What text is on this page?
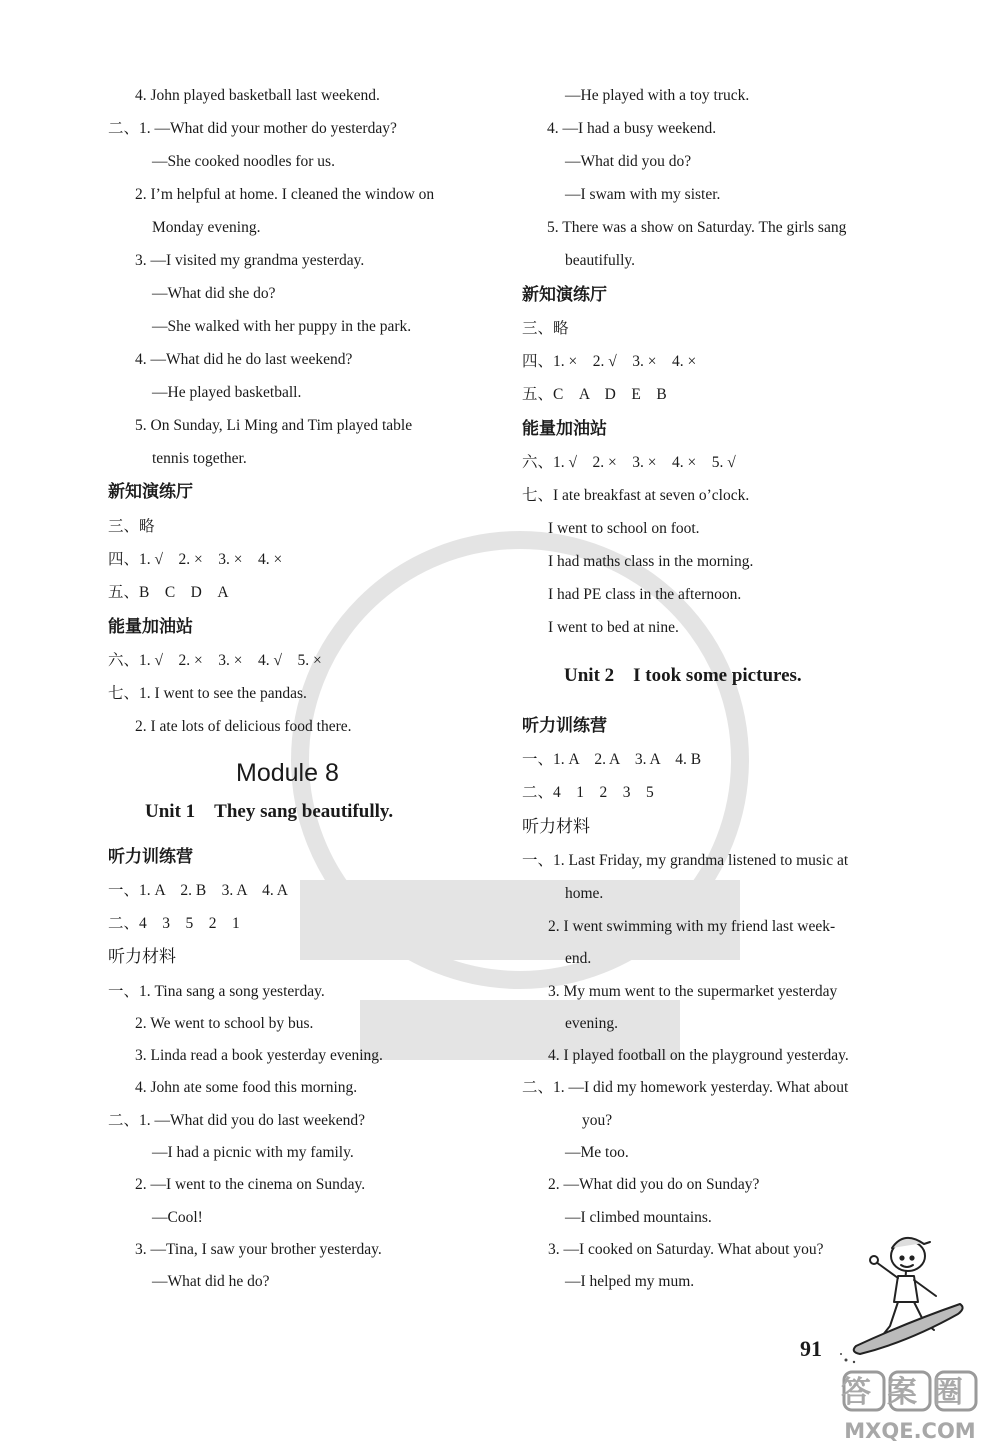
4. John played basketball last weekend.
二、1. —What did your mother do yesterday?
—She cooked noodles for us.
2. I’m helpful at home. I cleaned the window on
Monday evening.
3. —I visited my grandma yesterday.
—What did she do?
—She walked with her puppy in the park.
4. —What did he do last weekend?
—He played basketball.
5. On Sunday, Li Ming and Tim played table
tennis together.
新知演练厅
三、略
四、1. √　2. ×　3. ×　4. ×
五、B　C　D　A
能量加油站
六、1. √　2. ×　3. ×　4. √　5. ×
七、1. I went to see the pandas.
2. I ate lots of delicious food there.
Module 8
Unit 1　They sang beautifully.
听力训练营
一、1. A　2. B　3. A　4. A
二、4　3　5　2　1
听力材料
一、1. Tina sang a song yesterday.
2. We went to school by bus.
3. Linda read a book yesterday evening.
4. John ate some food this morning.
二、1. —What did you do last weekend?
—I had a picnic with my family.
2. —I went to the cinema on Sunday.
—Cool!
3. —Tina, I saw your brother yesterday.
—What did he do?
—He played with a toy truck.
4. —I had a busy weekend.
—What did you do?
—I swam with my sister.
5. There was a show on Saturday. The girls sang
beautifully.
新知演练厅
三、略
四、1. ×　2. √　3. ×　4. ×
五、C　A　D　E　B
能量加油站
六、1. √　2. ×　3. ×　4. ×　5. √
七、I ate breakfast at seven o’clock.
I went to school on foot.
I had maths class in the morning.
I had PE class in the afternoon.
I went to bed at nine.
Unit 2　I took some pictures.
听力训练营
一、1. A　2. A　3. A　4. B
二、4　1　2　3　5
听力材料
一、1. Last Friday, my grandma listened to music at
home.
2. I went swimming with my friend last week-
end.
3. My mum went to the supermarket yesterday
evening.
4. I played football on the playground yesterday.
二、1. —I did my homework yesterday. What about
you?
—Me too.
2. —What did you do on Sunday?
—I climbed mountains.
3. —I cooked on Saturday. What about you?
—I helped my mum.
91
答案圈
MXQE.COM
